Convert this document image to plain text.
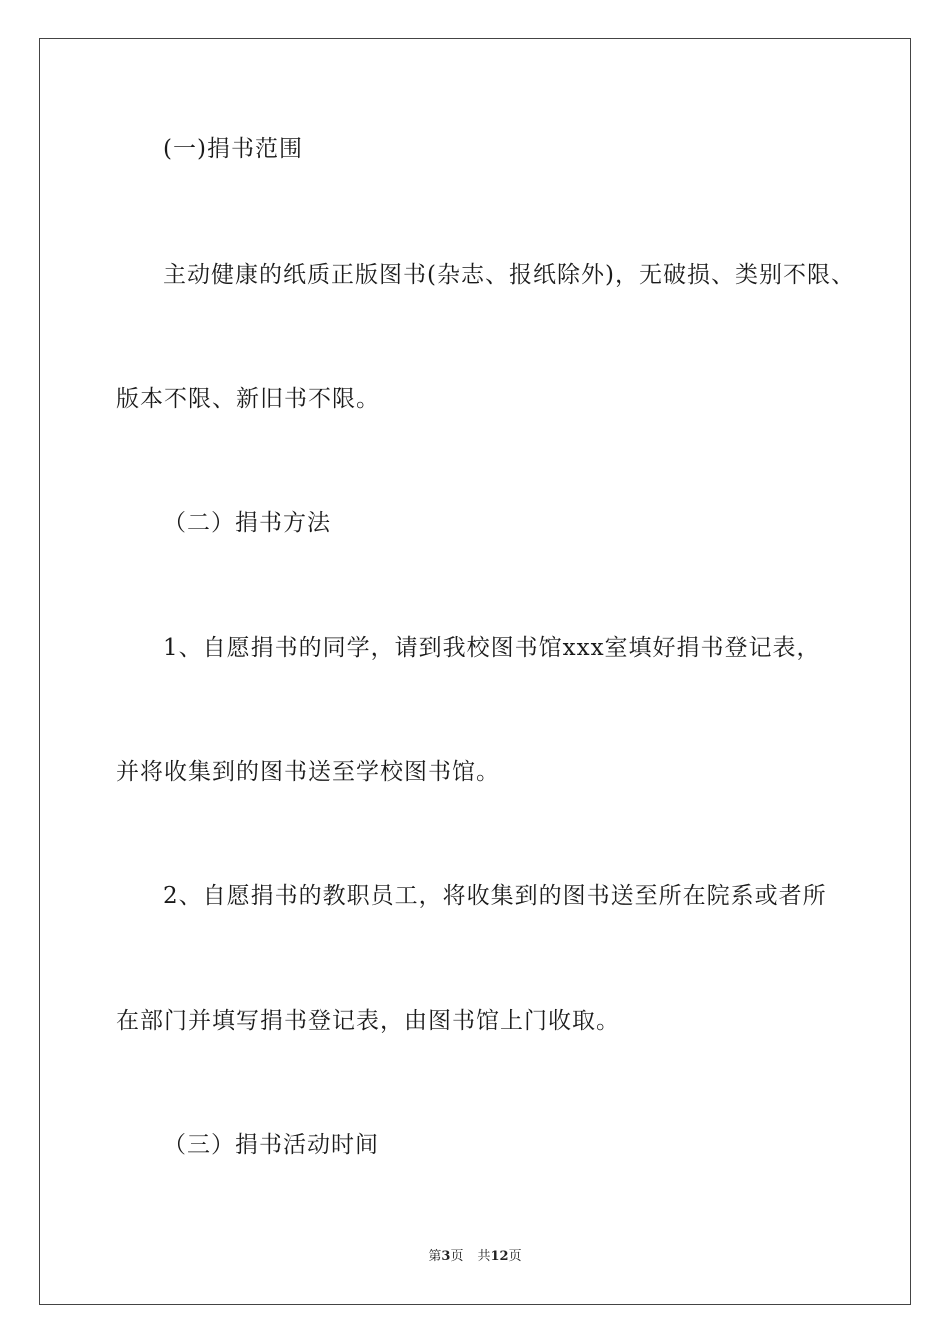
(一)捐书范围
主动健康的纸质正版图书(杂志、报纸除外)，无破损、类别不限、
版本不限、新旧书不限。
（二）捐书方法
1、自愿捐书的同学，请到我校图书馆xxx室填好捐书登记表，
并将收集到的图书送至学校图书馆。
2、自愿捐书的教职员工，将收集到的图书送至所在院系或者所
在部门并填写捐书登记表，由图书馆上门收取。
（三）捐书活动时间
第3页 共12页
